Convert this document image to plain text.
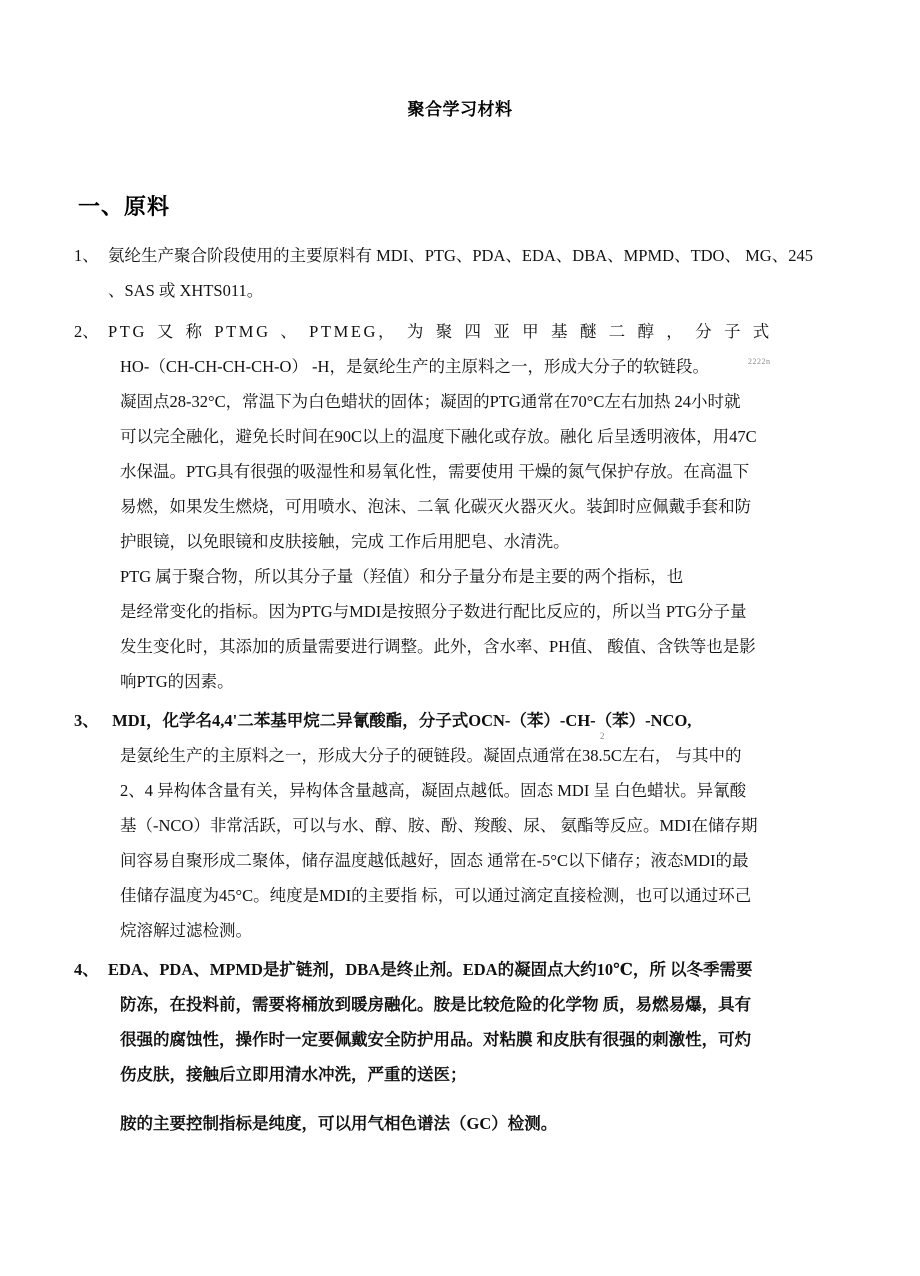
聚合学习材料
一、原料
1、 氨纶生产聚合阶段使用的主要原料有 MDI、PTG、PDA、EDA、DBA、MPMD、TDO、 MG、245
、SAS 或 XHTS011。
2、 PTG 又 称 PTMG 、 PTMEG， 为 聚 四 亚 甲 基 醚 二 醇 ， 分 子 式
HO-（CH-CH-CH-CH-O） -H，是氨纶生产的主原料之一，形成大分子的软链段。
凝固点28-32°C，常温下为白色蜡状的固体；凝固的PTG通常在70°C左右加热 24小时就
可以完全融化，避免长时间在90C以上的温度下融化或存放。融化 后呈透明液体，用47C
水保温。PTG具有很强的吸湿性和易氧化性，需要使用 干燥的氮气保护存放。在高温下
易燃，如果发生燃烧，可用喷水、泡沫、二氧 化碳灭火器灭火。装卸时应佩戴手套和防
护眼镜，以免眼镜和皮肤接触，完成 工作后用肥皂、水清洗。
PTG 属于聚合物，所以其分子量（羟值）和分子量分布是主要的两个指标，也
是经常变化的指标。因为PTG与MDI是按照分子数进行配比反应的，所以当 PTG分子量
发生变化时，其添加的质量需要进行调整。此外，含水率、PH值、 酸值、含铁等也是影
响PTG的因素。
3、 MDI，化学名4,4'二苯基甲烷二异氰酸酯，分子式OCN-（苯）-CH-（苯）-NCO,
是氨纶生产的主原料之一，形成大分子的硬链段。凝固点通常在38.5C左右， 与其中的
2、4 异构体含量有关，异构体含量越高，凝固点越低。固态 MDI 呈 白色蜡状。异氰酸
基（-NCO）非常活跃，可以与水、醇、胺、酚、羧酸、尿、 氨酯等反应。MDI在储存期
间容易自聚形成二聚体，储存温度越低越好，固态 通常在-5°C以下储存；液态MDI的最
佳储存温度为45°C。纯度是MDI的主要指 标，可以通过滴定直接检测，也可以通过环己
烷溶解过滤检测。
4、 EDA、PDA、MPMD是扩链剂，DBA是终止剂。EDA的凝固点大约10℃，所 以冬季需要
防冻，在投料前，需要将桶放到暖房融化。胺是比较危险的化学物 质，易燃易爆，具有
很强的腐蚀性，操作时一定要佩戴安全防护用品。对粘膜 和皮肤有很强的刺激性，可灼
伤皮肤，接触后立即用清水冲洗，严重的送医；
胺的主要控制指标是纯度，可以用气相色谱法（GC）检测。
2222n
2
